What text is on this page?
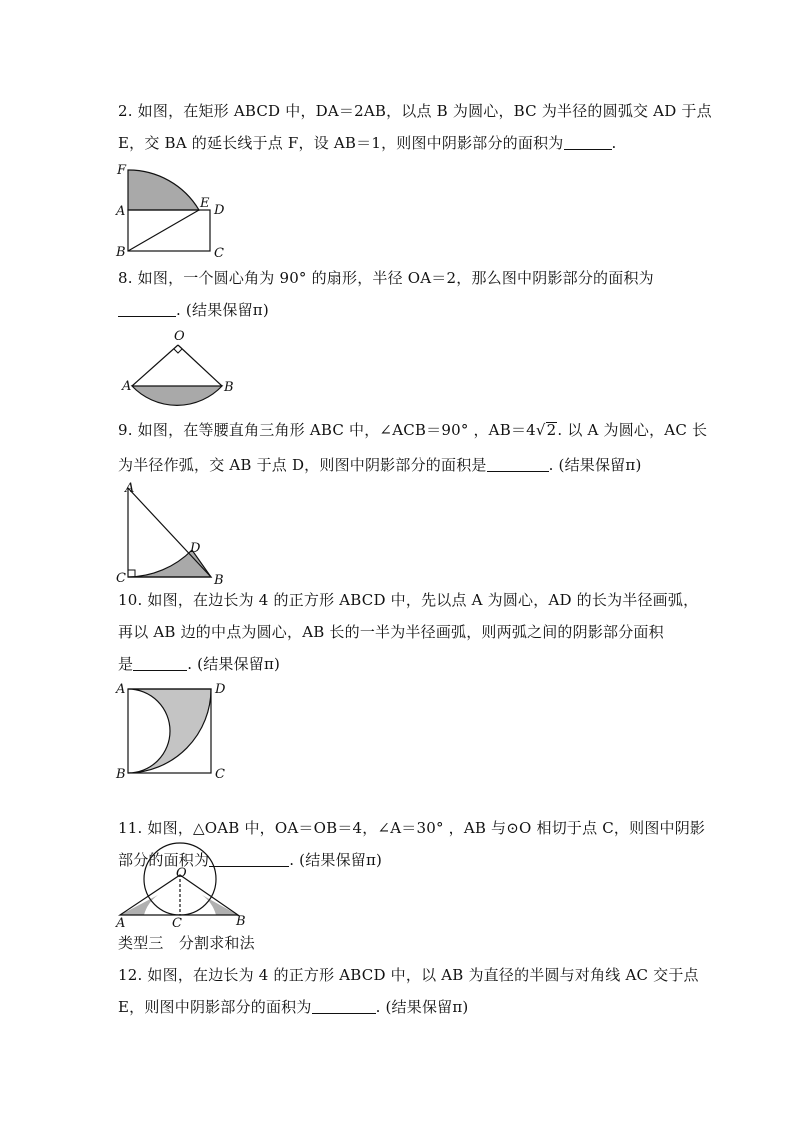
2. 如图，在矩形 ABCD 中，DA＝2AB，以点 B 为圆心，BC 为半径的圆弧交 AD 于点
E，交 BA 的延长线于点 F，设 AB＝1，则图中阴影部分的面积为	.
F
A
B
E D
C
8. 如图，一个圆心角为 90° 的扇形，半径 OA＝2，那么图中阴影部分的面积为
. (结果保留π)
O
A	B
9. 如图，在等腰直角三角形 ABC 中，∠ACB＝90° ，AB＝4√2. 以 A 为圆心，AC 长
为半径作弧，交 AB 于点 D，则图中阴影部分的面积是	. (结果保留π)
A
C
D
B
10. 如图，在边长为 4 的正方形 ABCD 中，先以点 A 为圆心，AD 的长为半径画弧，
再以 AB 边的中点为圆心，AB 长的一半为半径画弧，则两弧之间的阴影部分面积
是	. (结果保留π)
A	D
B	C
11. 如图，△OAB 中，OA＝OB＝4，∠A＝30° ，AB 与⊙O 相切于点 C，则图中阴影
部分的面积为	. (结果保留π)
O
A	C	B
类型三　分割求和法
12. 如图，在边长为 4 的正方形 ABCD 中，以 AB 为直径的半圆与对角线 AC 交于点
E，则图中阴影部分的面积为	. (结果保留π)
